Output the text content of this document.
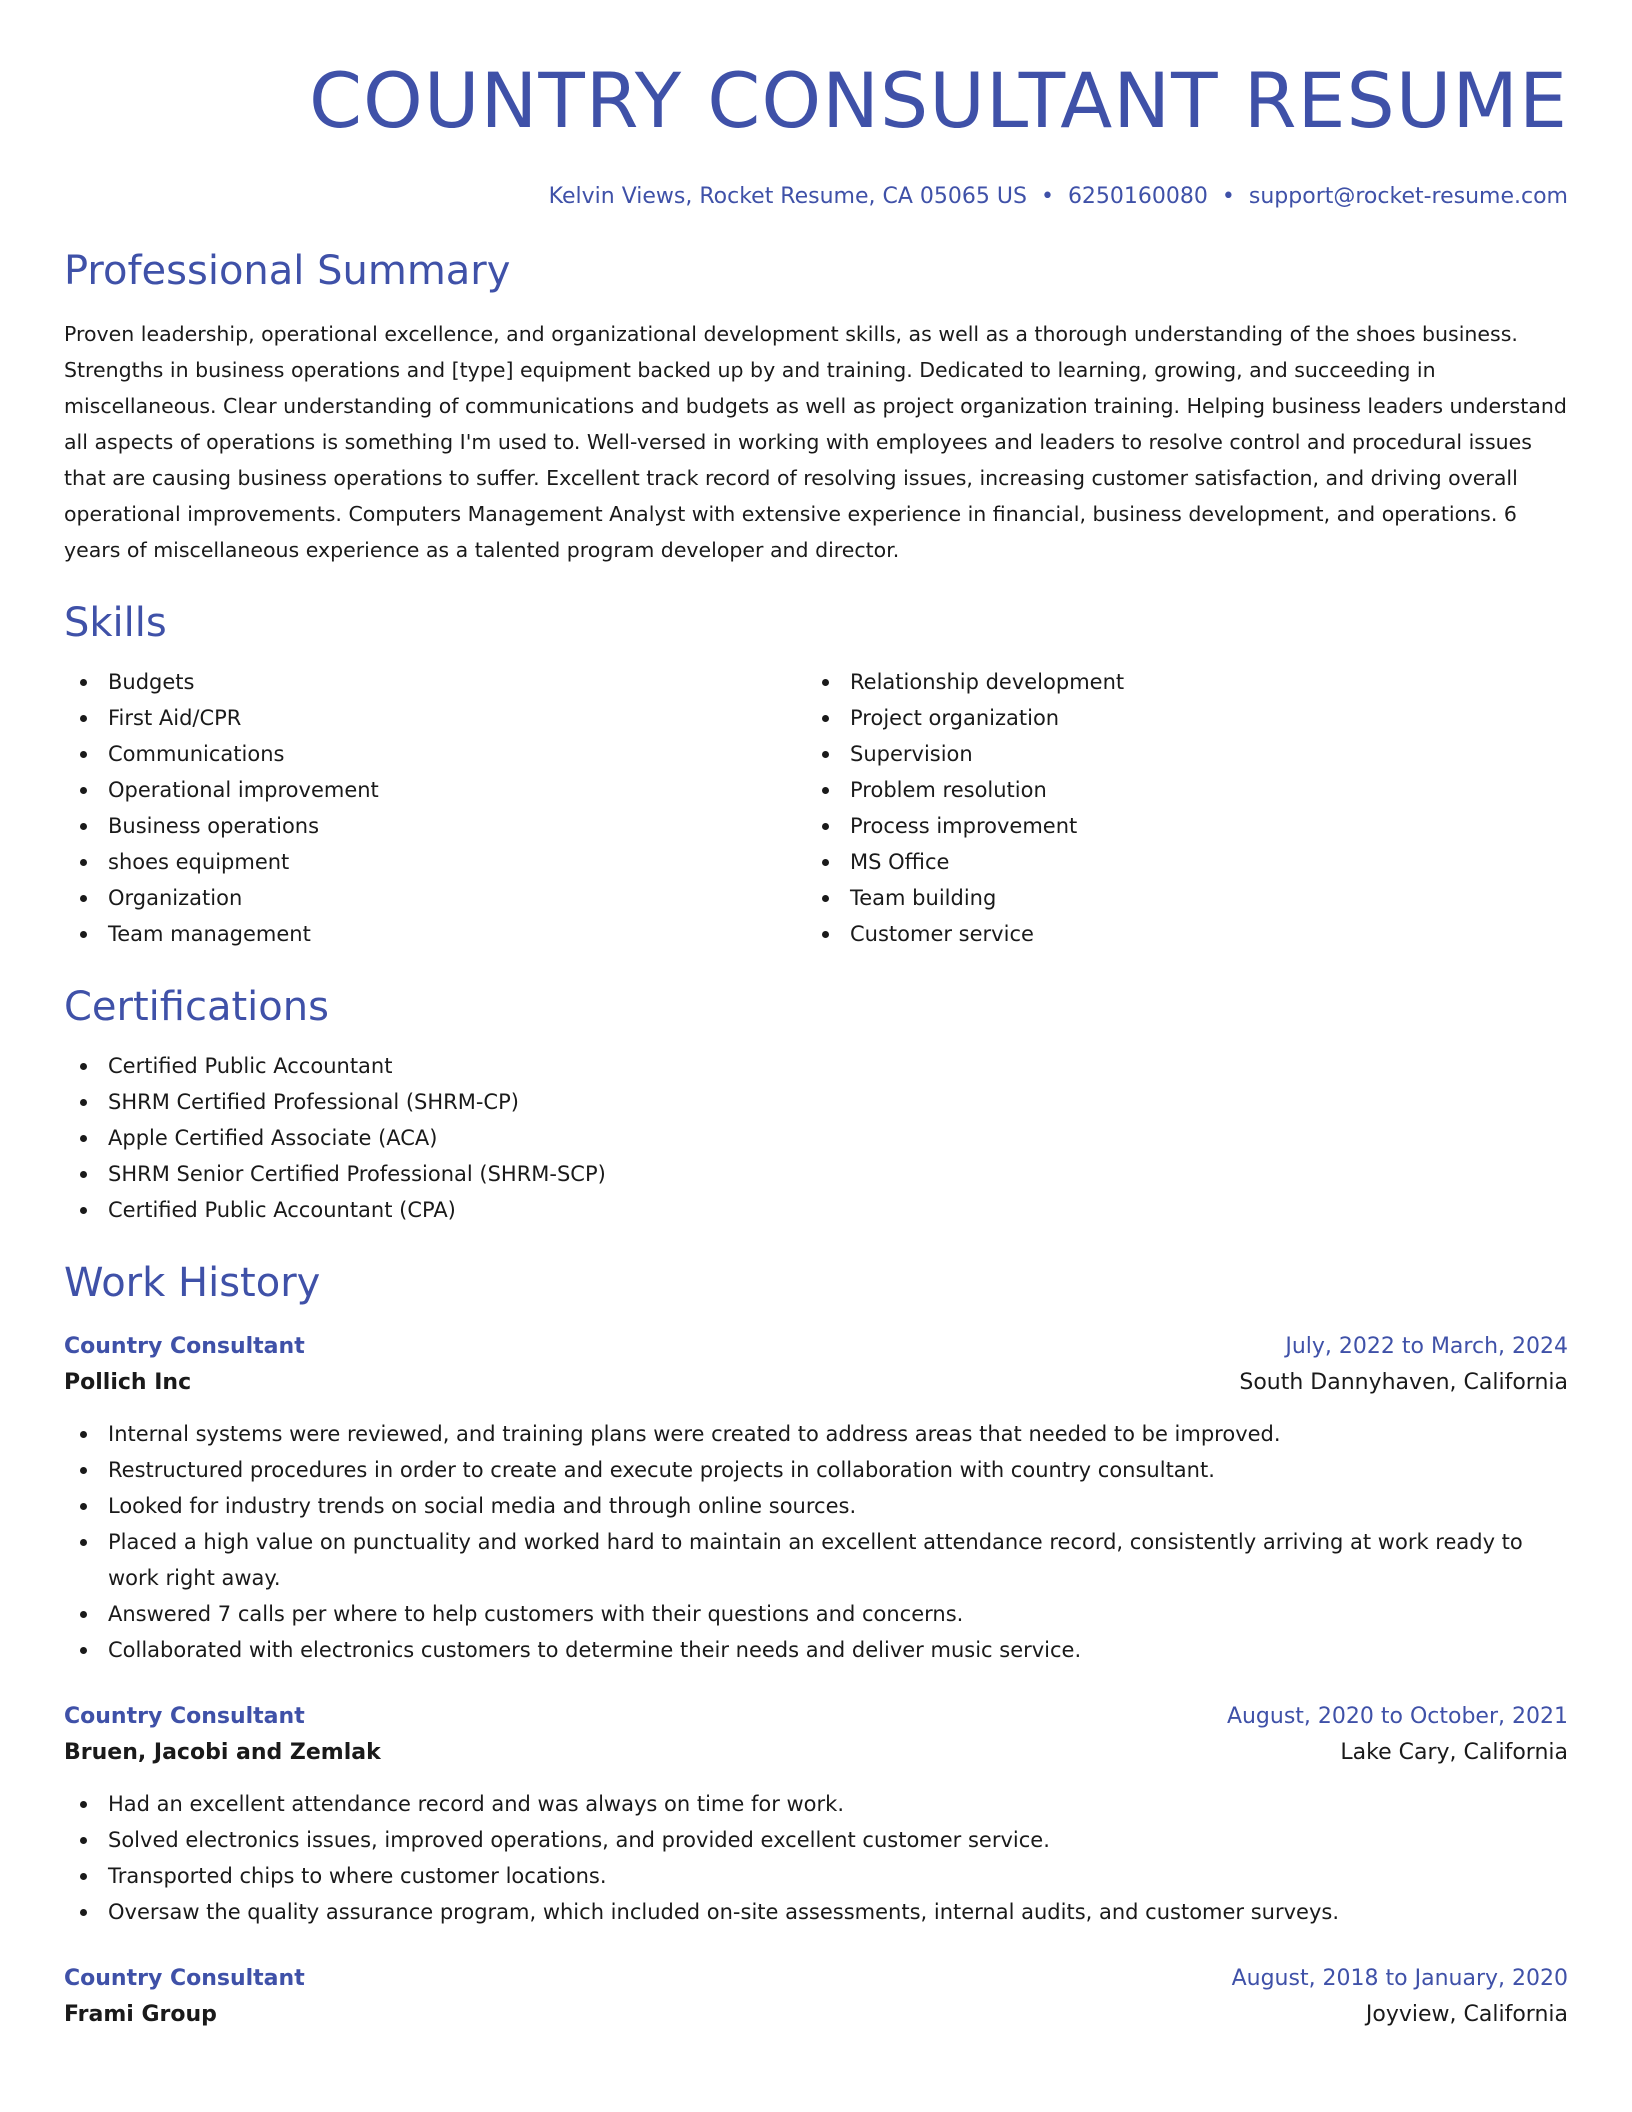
COUNTRY CONSULTANT RESUME
Kelvin Views, Rocket Resume, CA 05065 US • 6250160080 • support@rocket-resume.com
Professional Summary

Proven leadership, operational excellence, and organizational development skills, as well as a thorough understanding of the shoes business. Strengths in business operations and [type] equipment backed up by and training. Dedicated to learning, growing, and succeeding in miscellaneous. Clear understanding of communications and budgets as well as project organization training. Helping business leaders understand all aspects of operations is something I'm used to. Well-versed in working with employees and leaders to resolve control and procedural issues that are causing business operations to suffer. Excellent track record of resolving issues, increasing customer satisfaction, and driving overall operational improvements. Computers Management Analyst with extensive experience in financial, business development, and operations. 6 years of miscellaneous experience as a talented program developer and director.

Skills
Budgets
First Aid/CPR
Communications
Operational improvement
Business operations
shoes equipment
Organization
Team management
Relationship development
Project organization
Supervision
Problem resolution
Process improvement
MS Office
Team building
Customer service
Certifications
Certified Public Accountant
SHRM Certified Professional (SHRM-CP)
Apple Certified Associate (ACA)
SHRM Senior Certified Professional (SHRM-SCP)
Certified Public Accountant (CPA)
Work History
Country Consultant	July, 2022 to March, 2024
Pollich Inc	South Dannyhaven, California
Internal systems were reviewed, and training plans were created to address areas that needed to be improved.
Restructured procedures in order to create and execute projects in collaboration with country consultant.
Looked for industry trends on social media and through online sources.
Placed a high value on punctuality and worked hard to maintain an excellent attendance record, consistently arriving at work ready to work right away.
Answered 7 calls per where to help customers with their questions and concerns.
Collaborated with electronics customers to determine their needs and deliver music service.
Country Consultant	August, 2020 to October, 2021
Bruen, Jacobi and Zemlak	Lake Cary, California
Had an excellent attendance record and was always on time for work.
Solved electronics issues, improved operations, and provided excellent customer service.
Transported chips to where customer locations.
Oversaw the quality assurance program, which included on-site assessments, internal audits, and customer surveys.
Country Consultant	August, 2018 to January, 2020
Frami Group	Joyview, California
